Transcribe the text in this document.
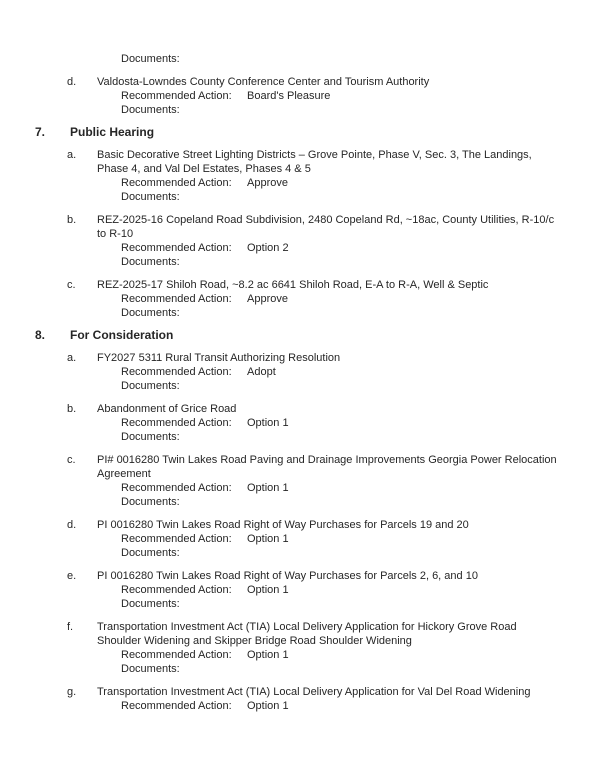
Documents:
d.	Valdosta-Lowndes County Conference Center and Tourism Authority
Recommended Action:	Board's Pleasure
Documents:
7.	Public Hearing
a.	Basic Decorative Street Lighting Districts – Grove Pointe, Phase V, Sec. 3, The Landings, Phase 4, and Val Del Estates, Phases 4 & 5
Recommended Action:	Approve
Documents:
b.	REZ-2025-16 Copeland Road Subdivision, 2480 Copeland Rd, ~18ac, County Utilities, R-10/c to R-10
Recommended Action:	Option 2
Documents:
c.	REZ-2025-17 Shiloh Road, ~8.2 ac 6641 Shiloh Road, E-A to R-A, Well & Septic
Recommended Action:	Approve
Documents:
8.	For Consideration
a.	FY2027 5311 Rural Transit Authorizing Resolution
Recommended Action:	Adopt
Documents:
b.	Abandonment of Grice Road
Recommended Action:	Option 1
Documents:
c.	PI# 0016280 Twin Lakes Road Paving and Drainage Improvements Georgia Power Relocation Agreement
Recommended Action:	Option 1
Documents:
d.	PI 0016280 Twin Lakes Road Right of Way Purchases for Parcels 19 and 20
Recommended Action:	Option 1
Documents:
e.	PI 0016280 Twin Lakes Road Right of Way Purchases for Parcels 2, 6, and 10
Recommended Action:	Option 1
Documents:
f.	Transportation Investment Act (TIA) Local Delivery Application for Hickory Grove Road Shoulder Widening and Skipper Bridge Road Shoulder Widening
Recommended Action:	Option 1
Documents:
g.	Transportation Investment Act (TIA) Local Delivery Application for Val Del Road Widening
Recommended Action:	Option 1
